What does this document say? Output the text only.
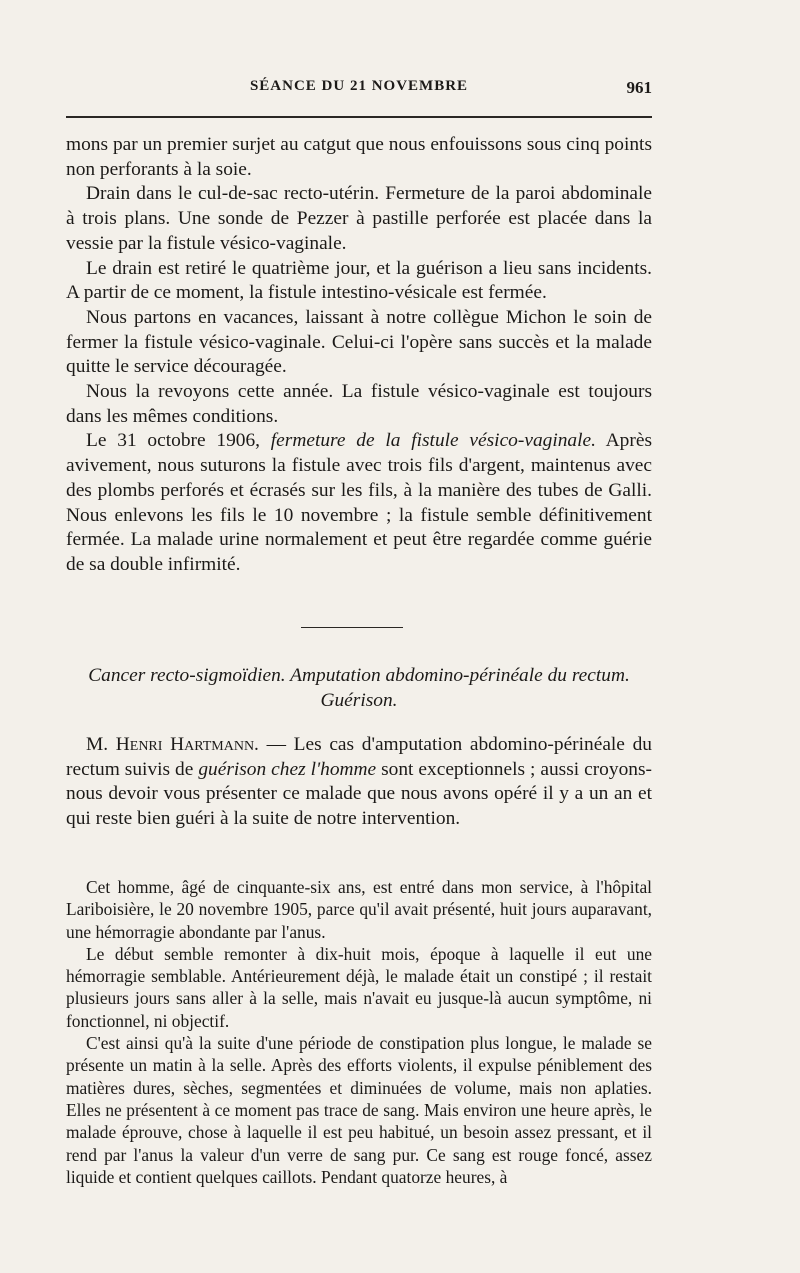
SÉANCE DU 21 NOVEMBRE	961

mons par un premier surjet au catgut que nous enfouissons sous cinq points non perforants à la soie.

Drain dans le cul-de-sac recto-utérin. Fermeture de la paroi abdominale à trois plans. Une sonde de Pezzer à pastille perforée est placée dans la vessie par la fistule vésico-vaginale.

Le drain est retiré le quatrième jour, et la guérison a lieu sans incidents. A partir de ce moment, la fistule intestino-vésicale est fermée.

Nous partons en vacances, laissant à notre collègue Michon le soin de fermer la fistule vésico-vaginale. Celui-ci l'opère sans succès et la malade quitte le service découragée.

Nous la revoyons cette année. La fistule vésico-vaginale est toujours dans les mêmes conditions.

Le 31 octobre 1906, fermeture de la fistule vésico-vaginale. Après avivement, nous suturons la fistule avec trois fils d'argent, maintenus avec des plombs perforés et écrasés sur les fils, à la manière des tubes de Galli. Nous enlevons les fils le 10 novembre ; la fistule semble définitivement fermée. La malade urine normalement et peut être regardée comme guérie de sa double infirmité.

Cancer recto-sigmoïdien. Amputation abdomino-périnéale du rectum.
Guérison.

M. Henri Hartmann. — Les cas d'amputation abdomino-périnéale du rectum suivis de guérison chez l'homme sont exceptionnels ; aussi croyons-nous devoir vous présenter ce malade que nous avons opéré il y a un an et qui reste bien guéri à la suite de notre intervention.

Cet homme, âgé de cinquante-six ans, est entré dans mon service, à l'hôpital Lariboisière, le 20 novembre 1905, parce qu'il avait présenté, huit jours auparavant, une hémorragie abondante par l'anus.

Le début semble remonter à dix-huit mois, époque à laquelle il eut une hémorragie semblable. Antérieurement déjà, le malade était un constipé ; il restait plusieurs jours sans aller à la selle, mais n'avait eu jusque-là aucun symptôme, ni fonctionnel, ni objectif.

C'est ainsi qu'à la suite d'une période de constipation plus longue, le malade se présente un matin à la selle. Après des efforts violents, il expulse péniblement des matières dures, sèches, segmentées et diminuées de volume, mais non aplaties. Elles ne présentent à ce moment pas trace de sang. Mais environ une heure après, le malade éprouve, chose à laquelle il est peu habitué, un besoin assez pressant, et il rend par l'anus la valeur d'un verre de sang pur. Ce sang est rouge foncé, assez liquide et contient quelques caillots. Pendant quatorze heures, à
